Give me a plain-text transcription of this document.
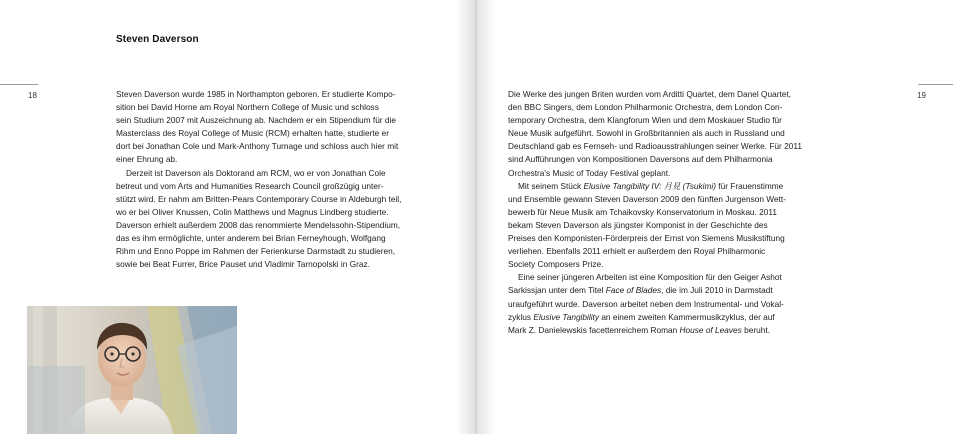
Steven Daverson
18	19

Steven Daverson wurde 1985 in Northampton geboren. Er studierte Kompo-
sition bei David Horne am Royal Northern College of Music und schloss
sein Studium 2007 mit Auszeichnung ab. Nachdem er ein Stipendium für die
Masterclass des Royal College of Music (RCM) erhalten hatte, studierte er
dort bei Jonathan Cole und Mark-Anthony Turnage und schloss auch hier mit
einer Ehrung ab.

Derzeit ist Daverson als Doktorand am RCM, wo er von Jonathan Cole
betreut und vom Arts and Humanities Research Council großzügig unter-
stützt wird. Er nahm am Britten-Pears Contemporary Course in Aldeburgh teil,
wo er bei Oliver Knussen, Colin Matthews und Magnus Lindberg studierte.
Daverson erhielt außerdem 2008 das renommierte Mendelssohn-Stipendium,
das es ihm ermöglichte, unter anderem bei Brian Ferneyhough, Wolfgang
Rihm und Enno Poppe im Rahmen der Ferienkurse Darmstadt zu studieren,
sowie bei Beat Furrer, Brice Pauset und Vladimir Tarnopolski in Graz.

Die Werke des jungen Briten wurden vom Arditti Quartet, dem Danel Quartet,
den BBC Singers, dem London Philharmonic Orchestra, dem London Con-
temporary Orchestra, dem Klangforum Wien und dem Moskauer Studio für
Neue Musik aufgeführt. Sowohl in Großbritannien als auch in Russland und
Deutschland gab es Fernseh- und Radioausstrahlungen seiner Werke. Für 2011
sind Aufführungen von Kompositionen Daversons auf dem Philharmonia
Orchestra's Music of Today Festival geplant.

Mit seinem Stück Elusive Tangibility IV: 月見 (Tsukimi) für Frauenstimme
und Ensemble gewann Steven Daverson 2009 den fünften Jurgenson Wett-
bewerb für Neue Musik am Tchaikovsky Konservatorium in Moskau. 2011
bekam Steven Daverson als jüngster Komponist in der Geschichte des
Preises den Komponisten-Förderpreis der Ernst von Siemens Musikstiftung
verliehen. Ebenfalls 2011 erhielt er außerdem den Royal Philharmonic
Society Composers Prize.

Eine seiner jüngeren Arbeiten ist eine Komposition für den Geiger Ashot
Sarkissjan unter dem Titel Face of Blades, die im Juli 2010 in Darmstadt
uraufgeführt wurde. Daverson arbeitet neben dem Instrumental- und Vokal-
zyklus Elusive Tangibility an einem zweiten Kammermusikzyklus, der auf
Mark Z. Danielewskis facettenreichem Roman House of Leaves beruht.
